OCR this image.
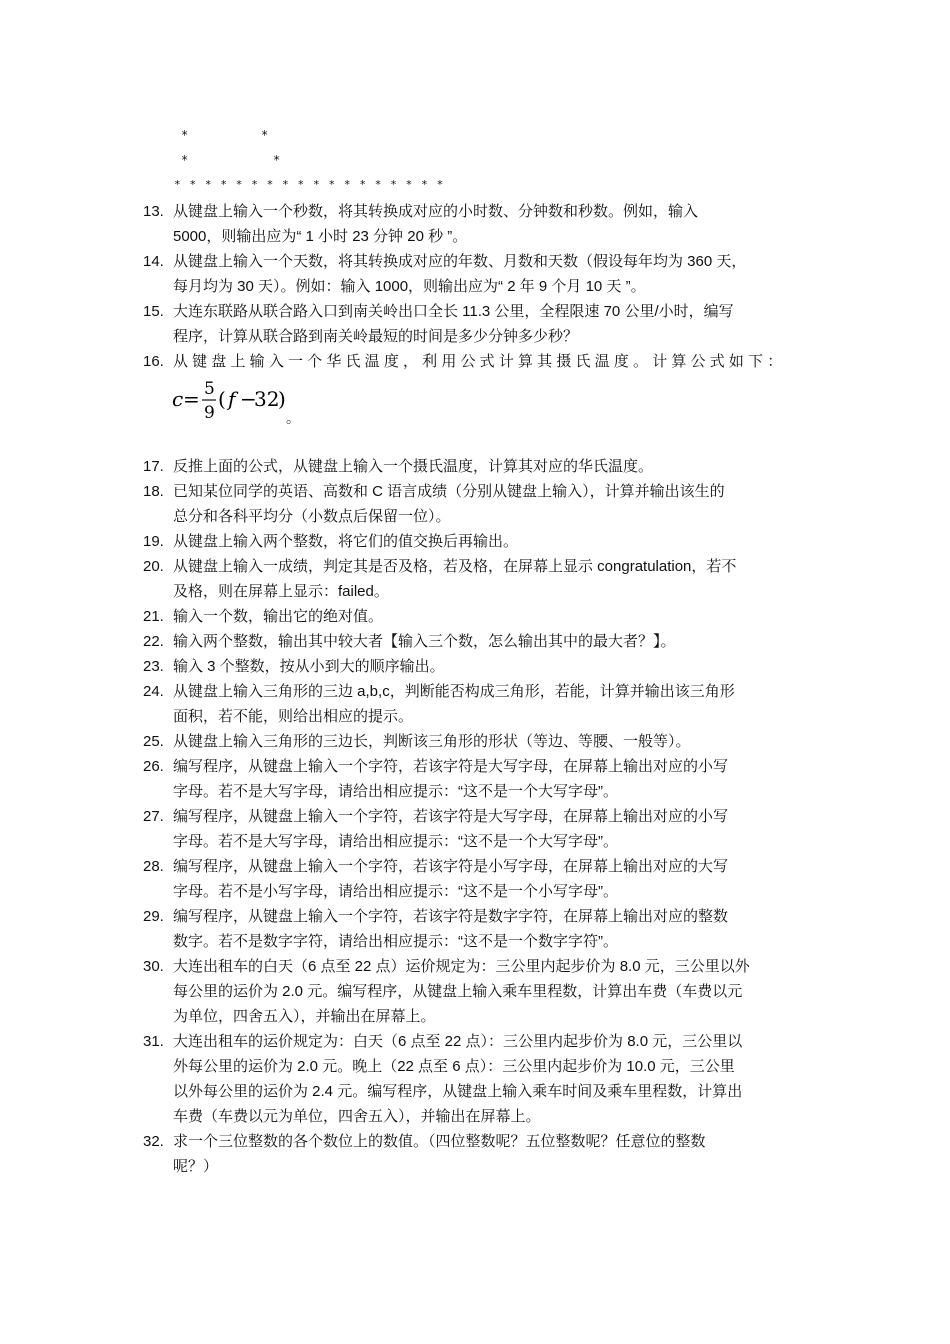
*	*
*	*
* * * * * * * * * * * * * * * * * *
13. 从键盘上输入一个秒数，将其转换成对应的小时数、分钟数和秒数。例如，输入
5000，则输出应为“ 1 小时 23 分钟 20 秒 ”。
14. 从键盘上输入一个天数，将其转换成对应的年数、月数和天数（假设每年均为 360 天，
每月均为 30 天）。例如：输入 1000，则输出应为“ 2 年 9 个月 10 天 ”。
15. 大连东联路从联合路入口到南关岭出口全长 11.3 公里，全程限速 70 公里/小时，编写
程序，计算从联合路到南关岭最短的时间是多少分钟多少秒？
16. 从 键 盘 上 输 入 一 个 华 氏 温 度 ， 利 用 公 式 计 算 其 摄 氏 温 度 。 计 算 公 式 如 下 ：
17. 反推上面的公式，从键盘上输入一个摄氏温度，计算其对应的华氏温度。
18. 已知某位同学的英语、高数和 C 语言成绩（分别从键盘上输入），计算并输出该生的
总分和各科平均分（小数点后保留一位）。
19. 从键盘上输入两个整数，将它们的值交换后再输出。
20. 从键盘上输入一成绩，判定其是否及格，若及格，在屏幕上显示 congratulation，若不
及格，则在屏幕上显示：failed。
21. 输入一个数，输出它的绝对值。
22. 输入两个整数，输出其中较大者【输入三个数，怎么输出其中的最大者？】。
23. 输入 3 个整数，按从小到大的顺序输出。
24. 从键盘上输入三角形的三边 a,b,c，判断能否构成三角形，若能，计算并输出该三角形
面积，若不能，则给出相应的提示。
25. 从键盘上输入三角形的三边长，判断该三角形的形状（等边、等腰、一般等）。
26. 编写程序，从键盘上输入一个字符，若该字符是大写字母，在屏幕上输出对应的小写
字母。若不是大写字母，请给出相应提示：“这不是一个大写字母”。
27. 编写程序，从键盘上输入一个字符，若该字符是大写字母，在屏幕上输出对应的小写
字母。若不是大写字母，请给出相应提示：“这不是一个大写字母”。
28. 编写程序，从键盘上输入一个字符，若该字符是小写字母，在屏幕上输出对应的大写
字母。若不是小写字母，请给出相应提示：“这不是一个小写字母”。
29. 编写程序，从键盘上输入一个字符，若该字符是数字字符，在屏幕上输出对应的整数
数字。若不是数字字符，请给出相应提示：“这不是一个数字字符”。
30. 大连出租车的白天（6 点至 22 点）运价规定为：三公里内起步价为 8.0 元，三公里以外
每公里的运价为 2.0 元。编写程序，从键盘上输入乘车里程数，计算出车费（车费以元
为单位，四舍五入），并输出在屏幕上。
31. 大连出租车的运价规定为：白天（6 点至 22 点）：三公里内起步价为 8.0 元，三公里以
外每公里的运价为 2.0 元。晚上（22 点至 6 点）：三公里内起步价为 10.0 元，三公里
以外每公里的运价为 2.4 元。编写程序，从键盘上输入乘车时间及乘车里程数，计算出
车费（车费以元为单位，四舍五入），并输出在屏幕上。
32. 求一个三位整数的各个数位上的数值。（四位整数呢？五位整数呢？任意位的整数
呢？）
c = 5
9
( f −
32
)
。
